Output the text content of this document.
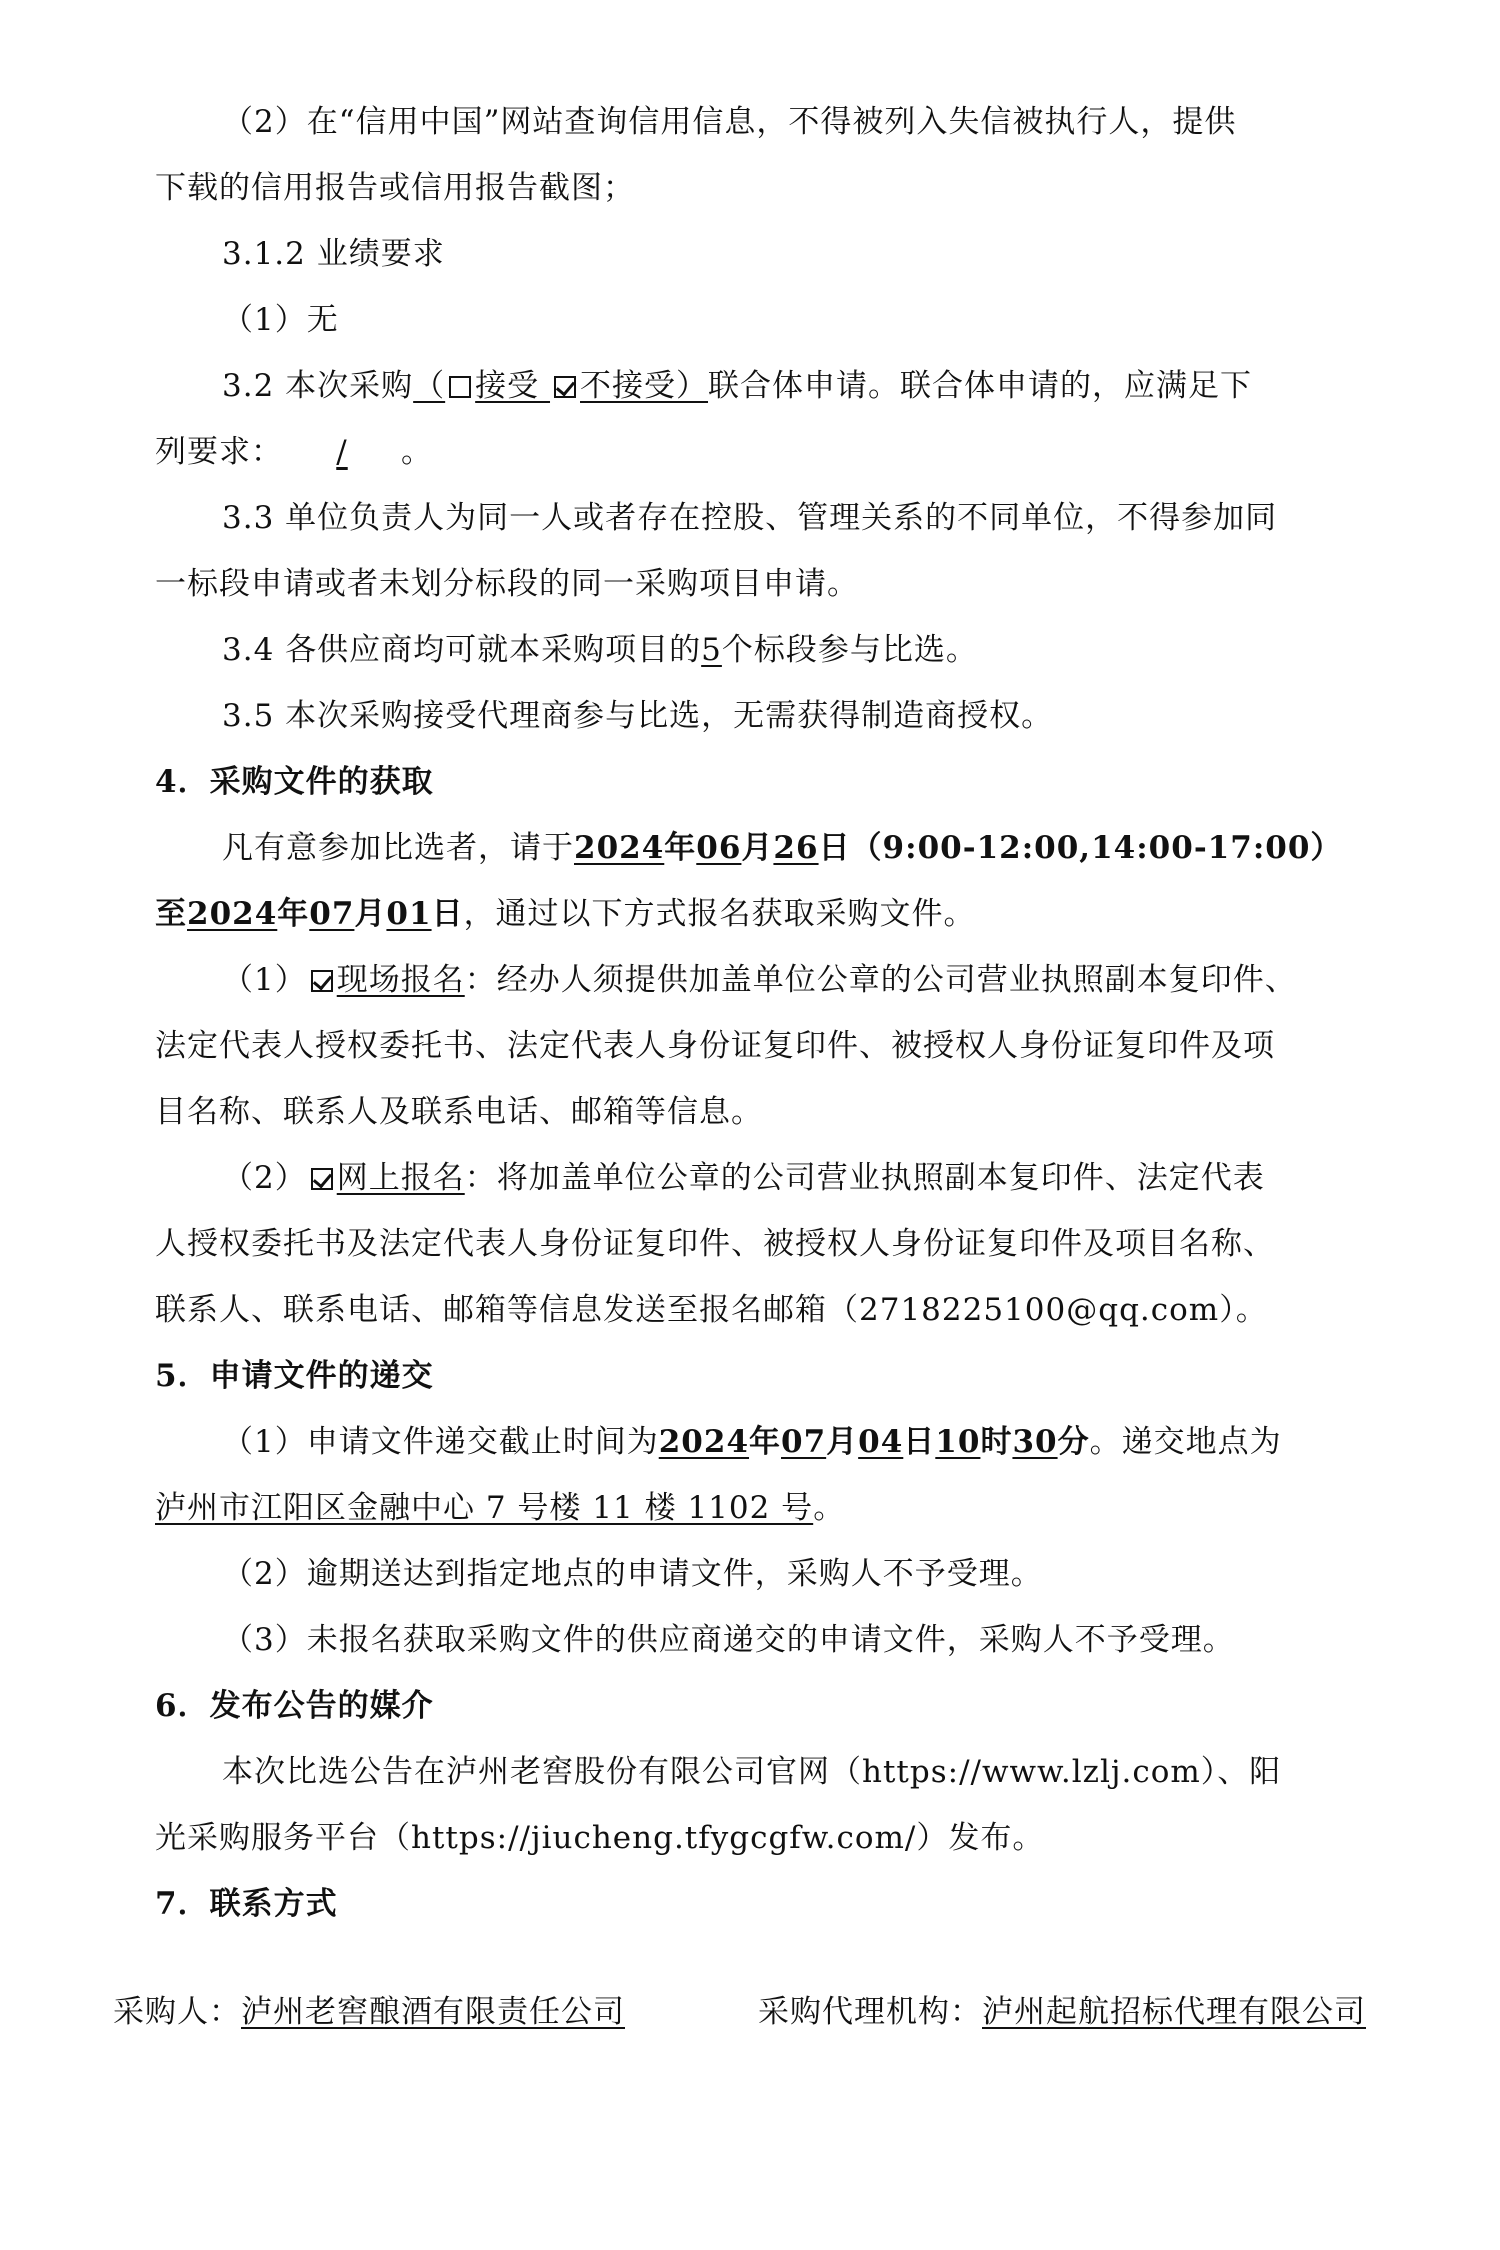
（2）在“信用中国”网站查询信用信息，不得被列入失信被执行人，提供
下载的信用报告或信用报告截图；
3.1.2 业绩要求
（1）无
3.2 本次采购（ 接受 不接受）联合体申请。联合体申请的，应满足下
列要求： / 。
3.3 单位负责人为同一人或者存在控股、管理关系的不同单位，不得参加同
一标段申请或者未划分标段的同一采购项目申请。
3.4 各供应商均可就本采购项目的5个标段参与比选。
3.5 本次采购接受代理商参与比选，无需获得制造商授权。
4．采购文件的获取
凡有意参加比选者，请于2024年06月26日（9:00-12:00,14:00-17:00）
至2024年07月01日，通过以下方式报名获取采购文件。
（1） 现场报名：经办人须提供加盖单位公章的公司营业执照副本复印件、
法定代表人授权委托书、法定代表人身份证复印件、被授权人身份证复印件及项
目名称、联系人及联系电话、邮箱等信息。
（2） 网上报名：将加盖单位公章的公司营业执照副本复印件、法定代表
人授权委托书及法定代表人身份证复印件、被授权人身份证复印件及项目名称、
联系人、联系电话、邮箱等信息发送至报名邮箱（2718225100@qq.com）。
5．申请文件的递交
（1）申请文件递交截止时间为2024年07月04日10时30分。递交地点为
泸州市江阳区金融中心 7 号楼 11 楼 1102 号。
（2）逾期送达到指定地点的申请文件，采购人不予受理。
（3）未报名获取采购文件的供应商递交的申请文件，采购人不予受理。
6．发布公告的媒介
本次比选公告在泸州老窖股份有限公司官网（https://www.lzlj.com）、阳
光采购服务平台（https://jiucheng.tfygcgfw.com/）发布。
7．联系方式
采购人：泸州老窖酿酒有限责任公司	采购代理机构：泸州起航招标代理有限公司
